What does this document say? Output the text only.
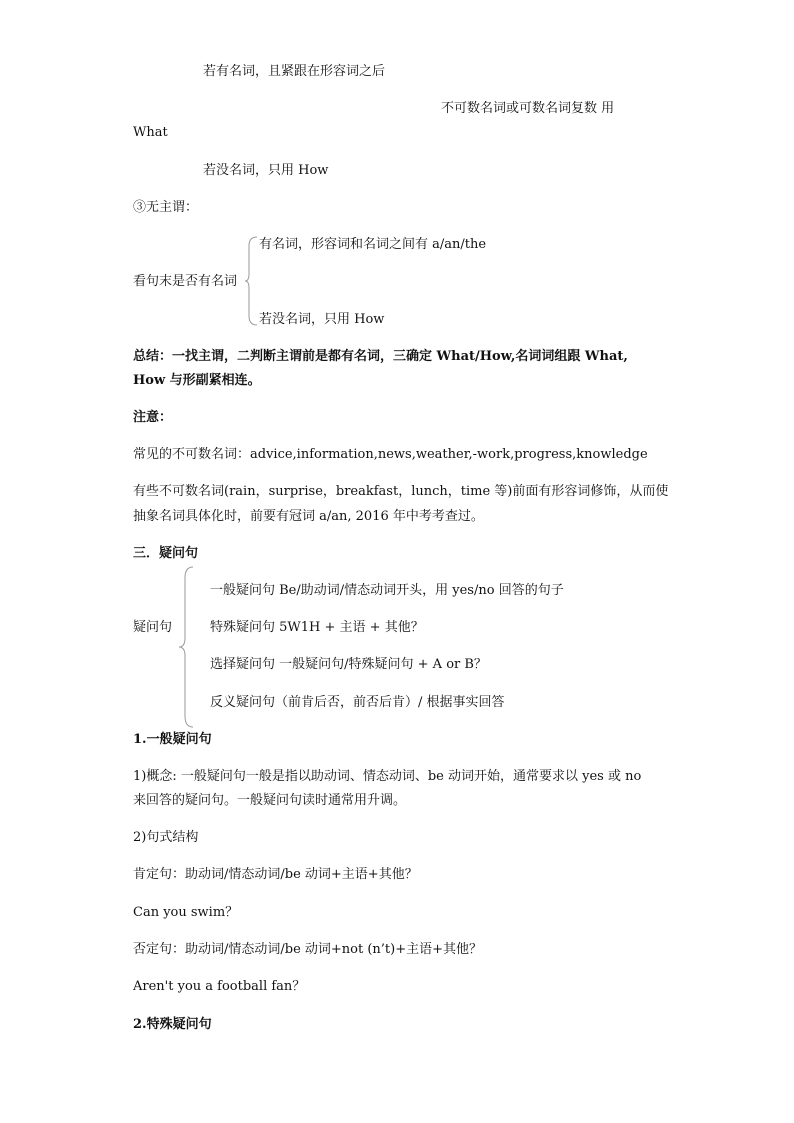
若有名词，且紧跟在形容词之后
不可数名词或可数名词复数 用
What
若没名词，只用 How
③无主谓：
有名词，形容词和名词之间有 a/an/the
看句末是否有名词
若没名词，只用 How
总结：一找主谓，二判断主谓前是都有名词，三确定 What/How,名词词组跟 What,
How 与形副紧相连。
注意：
常见的不可数名词：advice,information,news,weather,-work,progress,knowledge
有些不可数名词(rain，surprise，breakfast，lunch，time 等)前面有形容词修饰，从而使
抽象名词具体化时，前要有冠词 a/an, 2016 年中考考查过。
三．疑问句
疑问句
一般疑问句 Be/助动词/情态动词开头，用 yes/no 回答的句子
特殊疑问句 5W1H + 主语 + 其他？
选择疑问句 一般疑问句/特殊疑问句 + A or B？
反义疑问句（前肯后否，前否后肯）/ 根据事实回答
1.一般疑问句
1)概念: 一般疑问句一般是指以助动词、情态动词、be 动词开始，通常要求以 yes 或 no
来回答的疑问句。一般疑问句读时通常用升调。
2)句式结构
肯定句：助动词/情态动词/be 动词+主语+其他？
Can you swim？
否定句：助动词/情态动词/be 动词+not (n’t)+主语+其他？
Aren't you a football fan？
2.特殊疑问句
